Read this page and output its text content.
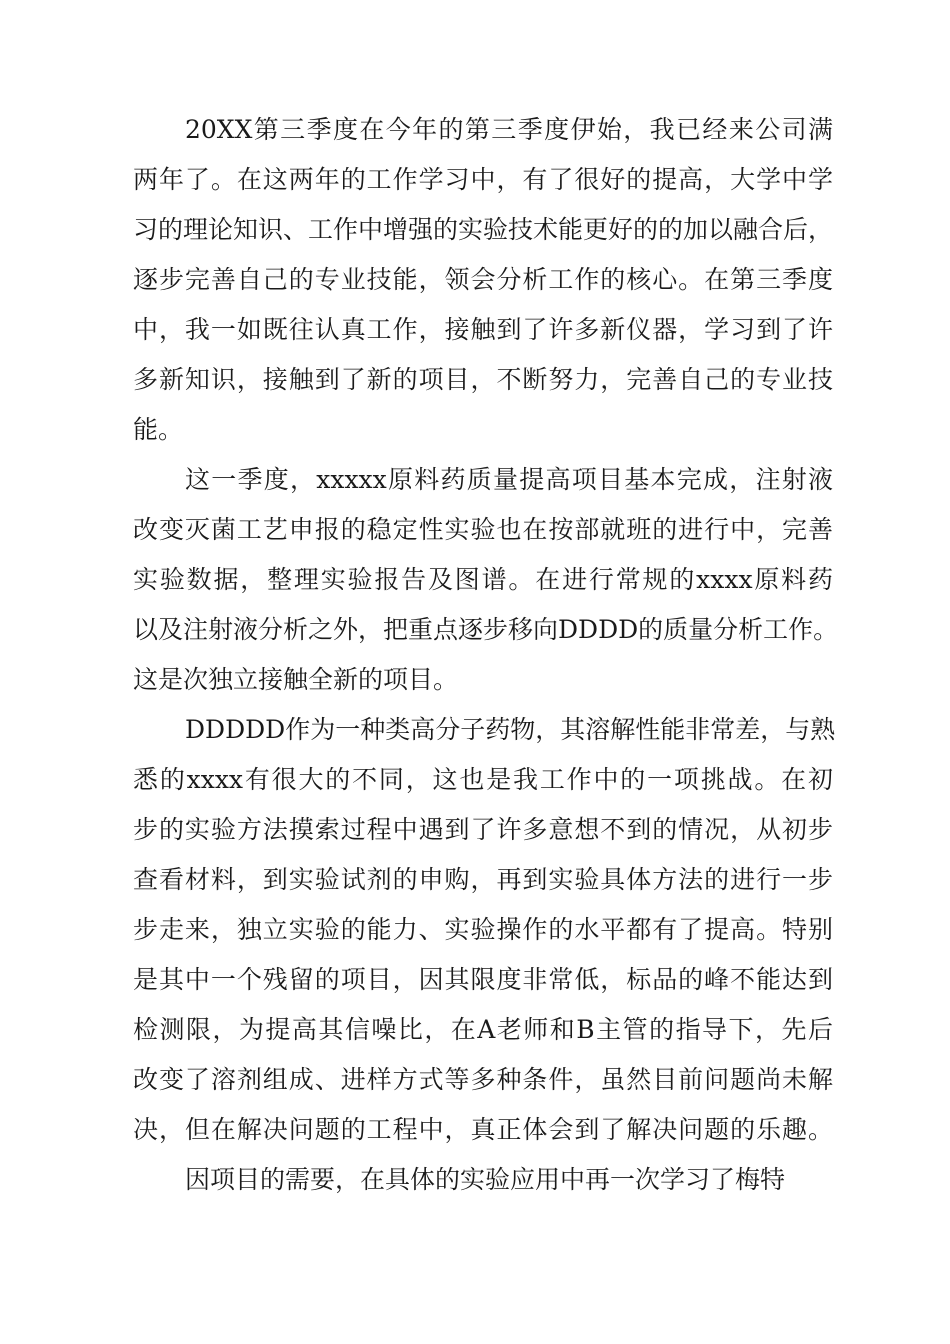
20XX第三季度在今年的第三季度伊始，我已经来公司满
两年了。在这两年的工作学习中，有了很好的提高，大学中学
习的理论知识、工作中增强的实验技术能更好的的加以融合后，
逐步完善自己的专业技能，领会分析工作的核心。在第三季度
中，我一如既往认真工作，接触到了许多新仪器，学习到了许
多新知识，接触到了新的项目，不断努力，完善自己的专业技
能。
这一季度，xxxxx原料药质量提高项目基本完成，注射液
改变灭菌工艺申报的稳定性实验也在按部就班的进行中，完善
实验数据，整理实验报告及图谱。在进行常规的xxxx原料药
以及注射液分析之外，把重点逐步移向DDDD的质量分析工作。
这是次独立接触全新的项目。
DDDDD作为一种类高分子药物，其溶解性能非常差，与熟
悉的xxxx有很大的不同，这也是我工作中的一项挑战。在初
步的实验方法摸索过程中遇到了许多意想不到的情况，从初步
查看材料，到实验试剂的申购，再到实验具体方法的进行一步
步走来，独立实验的能力、实验操作的水平都有了提高。特别
是其中一个残留的项目，因其限度非常低，标品的峰不能达到
检测限，为提高其信噪比，在A老师和B主管的指导下，先后
改变了溶剂组成、进样方式等多种条件，虽然目前问题尚未解
决，但在解决问题的工程中，真正体会到了解决问题的乐趣。
因项目的需要，在具体的实验应用中再一次学习了梅特
